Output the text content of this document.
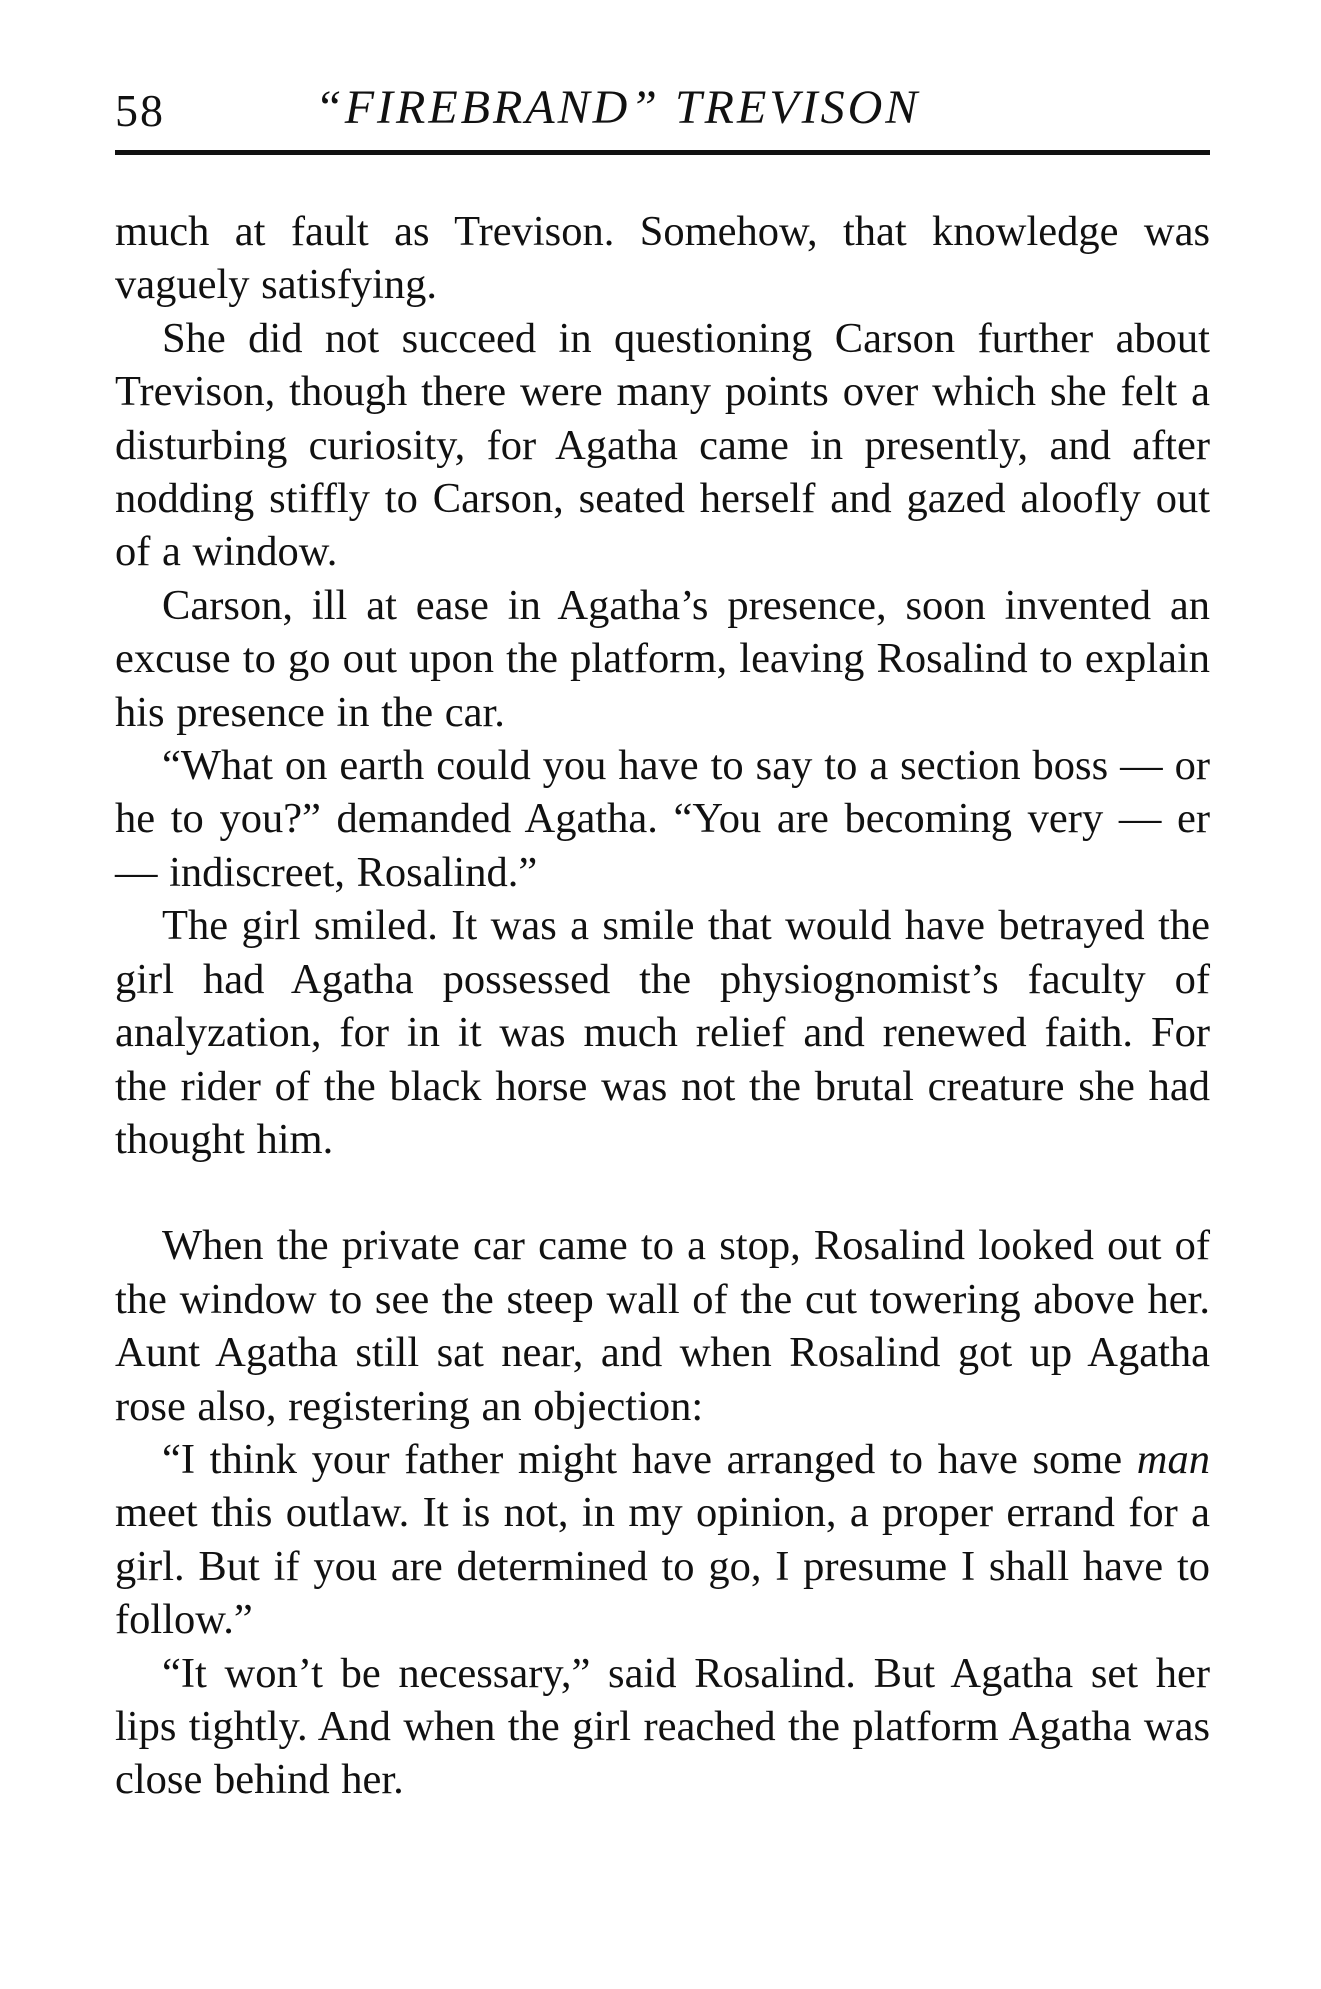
58	“FIREBRAND” TREVISON

much at fault as Trevison. Somehow, that knowledge was vaguely satisfying.

She did not succeed in questioning Carson further about Trevison, though there were many points over which she felt a disturbing curiosity, for Agatha came in presently, and after nodding stiffly to Carson, seated herself and gazed aloofly out of a window.

Carson, ill at ease in Agatha’s presence, soon invented an excuse to go out upon the platform, leaving Rosalind to explain his presence in the car.

“What on earth could you have to say to a section boss — or he to you?” demanded Agatha. “You are becoming very — er — indiscreet, Rosalind.”

The girl smiled. It was a smile that would have betrayed the girl had Agatha possessed the physiognomist’s faculty of analyzation, for in it was much relief and renewed faith. For the rider of the black horse was not the brutal creature she had thought him.

When the private car came to a stop, Rosalind looked out of the window to see the steep wall of the cut towering above her. Aunt Agatha still sat near, and when Rosalind got up Agatha rose also, registering an objection:

“I think your father might have arranged to have some man meet this outlaw. It is not, in my opinion, a proper errand for a girl. But if you are determined to go, I presume I shall have to follow.”

“It won’t be necessary,” said Rosalind. But Agatha set her lips tightly. And when the girl reached the platform Agatha was close behind her.
